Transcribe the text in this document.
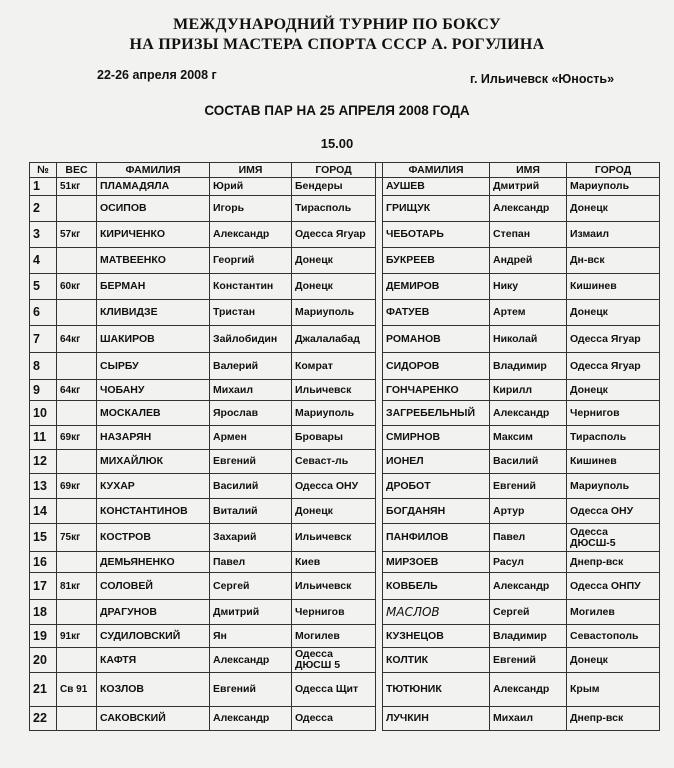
МЕЖДУНАРОДНИЙ ТУРНИР ПО БОКСУ
НА ПРИЗЫ МАСТЕРА СПОРТА СССР А. РОГУЛИНА
22-26 апреля 2008 г	г. Ильичевск «Юность»
СОСТАВ ПАР НА 25 АПРЕЛЯ 2008 ГОДА
15.00
№	ВЕС	ФАМИЛИЯ	ИМЯ	ГОРОД		ФАМИЛИЯ	ИМЯ	ГОРОД
1	51кг	ПЛАМАДЯЛА	Юрий	Бендеры		АУШЕВ	Дмитрий	Мариуполь
2		ОСИПОВ	Игорь	Тирасполь		ГРИЩУК	Александр	Донецк
3	57кг	КИРИЧЕНКО	Александр	Одесса Ягуар		ЧЕБОТАРЬ	Степан	Измаил
4		МАТВЕЕНКО	Георгий	Донецк		БУКРЕЕВ	Андрей	Дн-вск
5	60кг	БЕРМАН	Константин	Донецк		ДЕМИРОВ	Нику	Кишинев
6		КЛИВИДЗЕ	Тристан	Мариуполь		ФАТУЕВ	Артем	Донецк
7	64кг	ШАКИРОВ	Зайлобидин	Джалалабад		РОМАНОВ	Николай	Одесса Ягуар
8		СЫРБУ	Валерий	Комрат		СИДОРОВ	Владимир	Одесса Ягуар
9	64кг	ЧОБАНУ	Михаил	Ильичевск		ГОНЧАРЕНКО	Кирилл	Донецк
10		МОСКАЛЕВ	Ярослав	Мариуполь		ЗАГРЕБЕЛЬНЫЙ	Александр	Чернигов
11	69кг	НАЗАРЯН	Армен	Бровары		СМИРНОВ	Максим	Тирасполь
12		МИХАЙЛЮК	Евгений	Севаст-ль		ИОНЕЛ	Василий	Кишинев
13	69кг	КУХАР	Василий	Одесса ОНУ		ДРОБОТ	Евгений	Мариуполь
14		КОНСТАНТИНОВ	Виталий	Донецк		БОГДАНЯН	Артур	Одесса ОНУ
15	75кг	КОСТРОВ	Захарий	Ильичевск		ПАНФИЛОВ	Павел	Одесса ДЮСШ-5
16		ДЕМЬЯНЕНКО	Павел	Киев		МИРЗОЕВ	Расул	Днепр-вск
17	81кг	СОЛОВЕЙ	Сергей	Ильичевск		КОВБЕЛЬ	Александр	Одесса ОНПУ
18		ДРАГУНОВ	Дмитрий	Чернигов		МАСЛОВ	Сергей	Могилев
19	91кг	СУДИЛОВСКИЙ	Ян	Могилев		КУЗНЕЦОВ	Владимир	Севастополь
20		КАФТЯ	Александр	Одесса ДЮСШ 5		КОЛТИК	Евгений	Донецк
21	Св 91	КОЗЛОВ	Евгений	Одесса Щит		ТЮТЮНИК	Александр	Крым
22		САКОВСКИЙ	Александр	Одесса		ЛУЧКИН	Михаил	Днепр-вск
